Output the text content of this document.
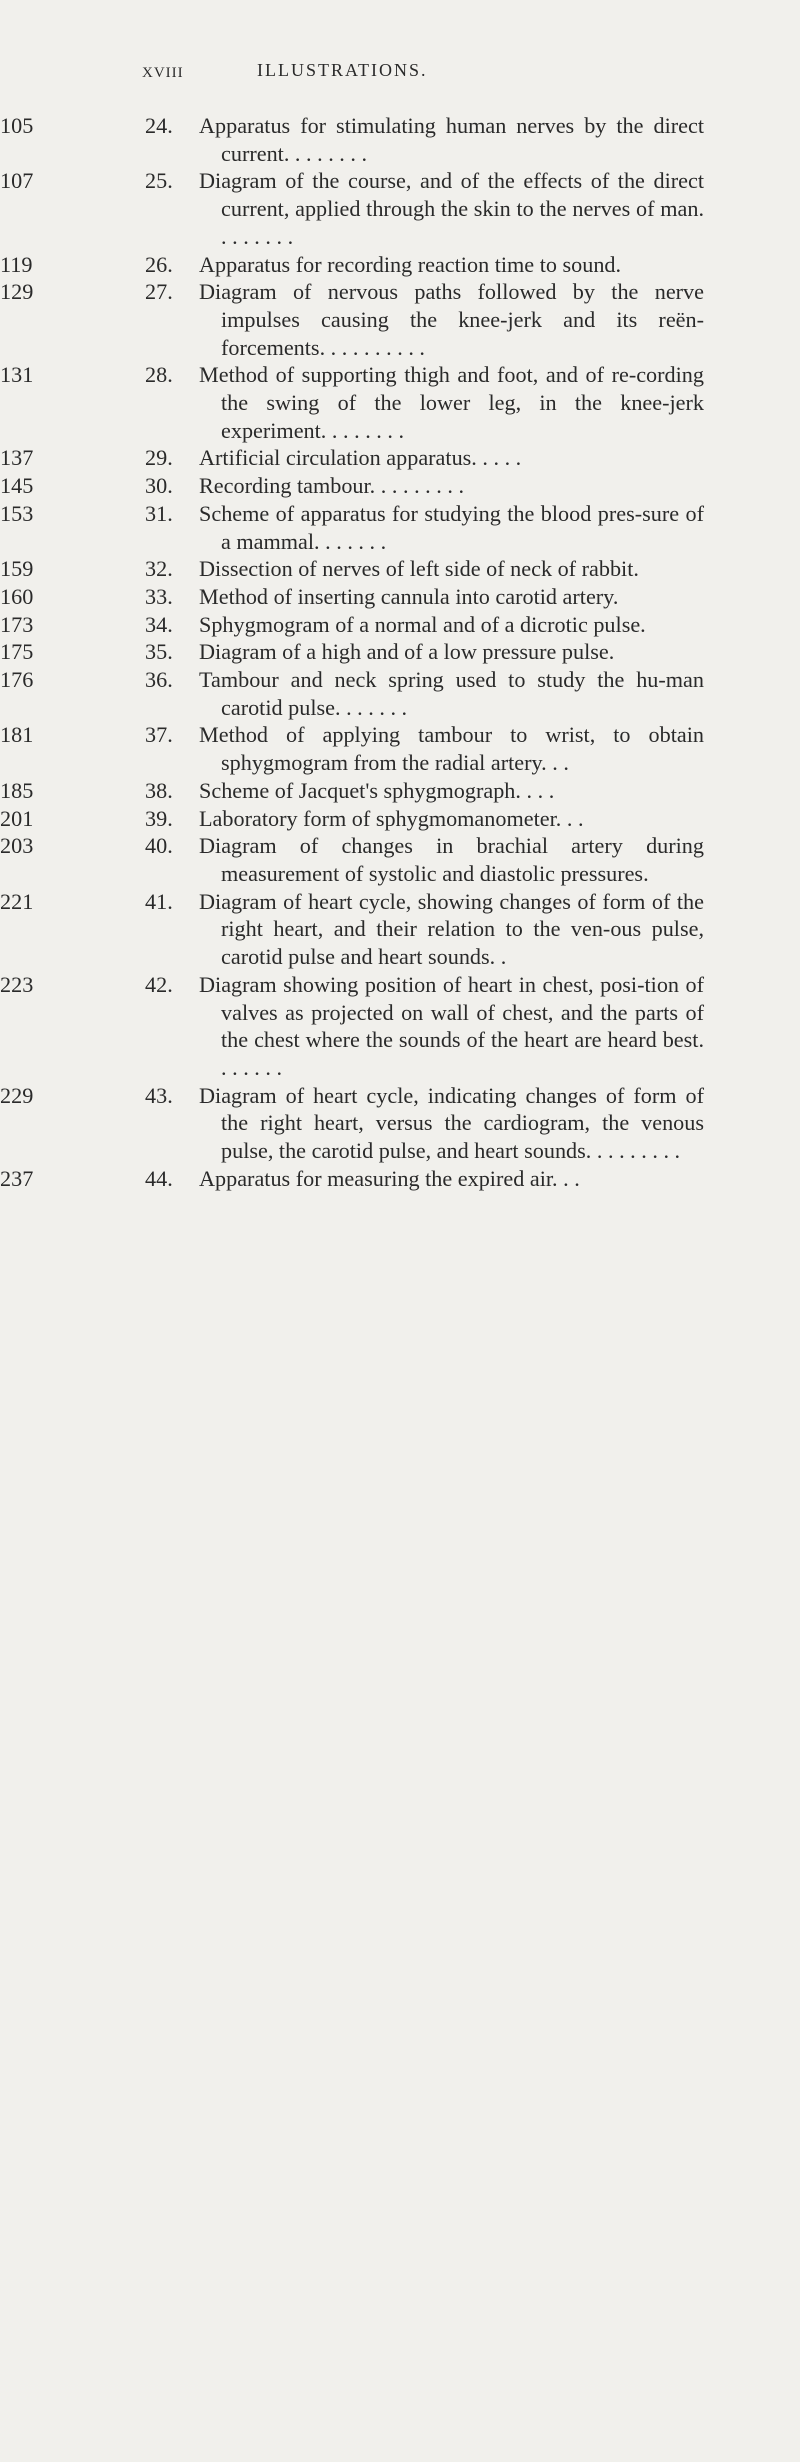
xviii	ILLUSTRATIONS.
24. Apparatus for stimulating human nerves by the direct current. . . . . . . .
105
25. Diagram of the course, and of the effects of the direct current, applied through the skin to the nerves of man. . . . . . . .
107
26. Apparatus for recording reaction time to sound.
119
27. Diagram of nervous paths followed by the nerve impulses causing the knee-jerk and its reën-forcements. . . . . . . . . .
129
28. Method of supporting thigh and foot, and of re-cording the swing of the lower leg, in the knee-jerk experiment. . . . . . . .
131
29. Artificial circulation apparatus. . . . .
137
30. Recording tambour. . . . . . . . .
145
31. Scheme of apparatus for studying the blood pres-sure of a mammal. . . . . . .
153
32. Dissection of nerves of left side of neck of rabbit.
159
33. Method of inserting cannula into carotid artery.
160
34. Sphygmogram of a normal and of a dicrotic pulse.
173
35. Diagram of a high and of a low pressure pulse.
175
36. Tambour and neck spring used to study the hu-man carotid pulse. . . . . . .
176
37. Method of applying tambour to wrist, to obtain sphygmogram from the radial artery. . .
181
38. Scheme of Jacquet's sphygmograph. . . .
185
39. Laboratory form of sphygmomanometer. . .
201
40. Diagram of changes in brachial artery during measurement of systolic and diastolic pressures.
203
41. Diagram of heart cycle, showing changes of form of the right heart, and their relation to the ven-ous pulse, carotid pulse and heart sounds. .
221
42. Diagram showing position of heart in chest, posi-tion of valves as projected on wall of chest, and the parts of the chest where the sounds of the heart are heard best. . . . . . .
223
43. Diagram of heart cycle, indicating changes of form of the right heart, versus the cardiogram, the venous pulse, the carotid pulse, and heart sounds. . . . . . . . .
229
44. Apparatus for measuring the expired air. . .
237
